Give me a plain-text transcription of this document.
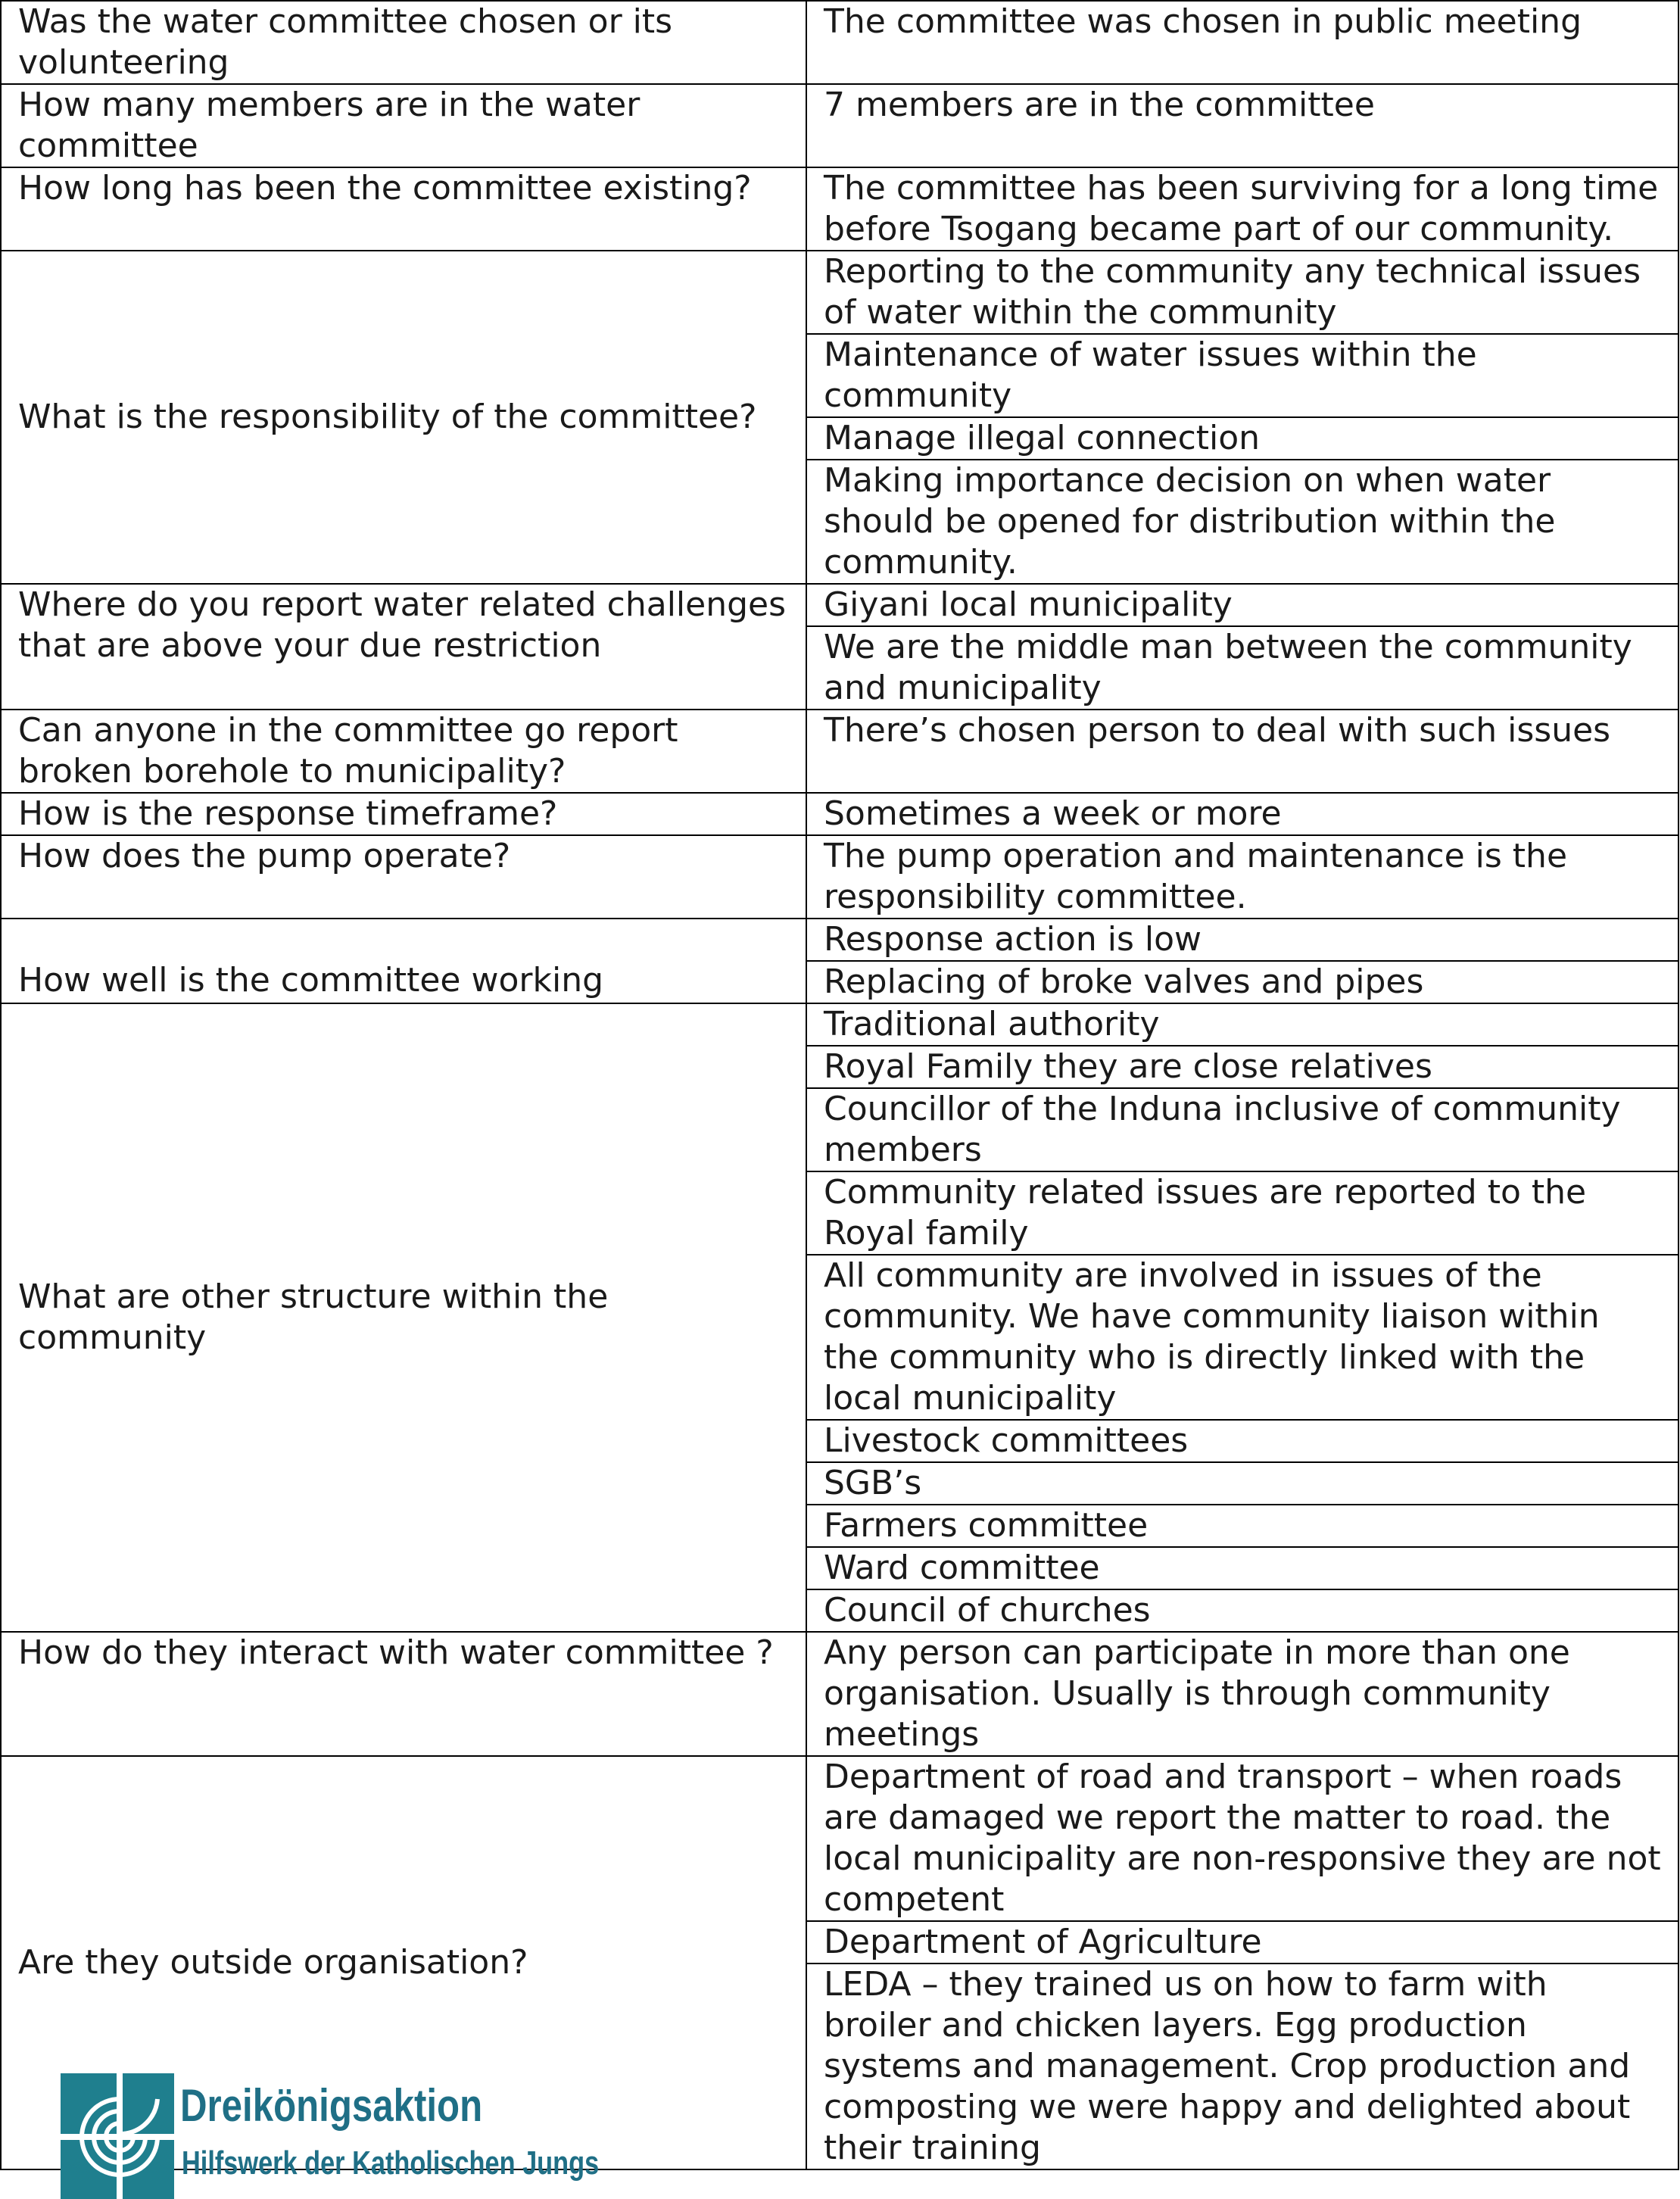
Was the water committee chosen or its volunteering	The committee was chosen in public meeting
How many members are in the water committee	7 members are in the committee
How long has been the committee existing?	The committee has been surviving for a long time before Tsogang became part of our community.
What is the responsibility of the committee?	Reporting to the community any technical issues of water within the community
	Maintenance of water issues within the community
	Manage illegal connection
	Making importance decision on when water should be opened for distribution within the community.
Where do you report water related challenges that are above your due restriction	Giyani local municipality
	We are the middle man between the community and municipality
Can anyone in the committee go report broken borehole to municipality?	There’s chosen person to deal with such issues
How is the response timeframe?	Sometimes a week or more
How does the pump operate?	The pump operation and maintenance is the responsibility committee.
How well is the committee working	Response action is low
	Replacing of broke valves and pipes
What are other structure within the community	Traditional authority
	Royal Family they are close relatives
	Councillor of the Induna inclusive of community members
	Community related issues are reported to the Royal family
	All community are involved in issues of the community. We have community liaison within the community who is directly linked with the local municipality
	Livestock committees
	SGB’s
	Farmers committee
	Ward committee
	Council of churches
How do they interact with water committee ?	Any person can participate in more than one organisation. Usually is through community meetings
Are they outside organisation?	Department of road and transport – when roads are damaged we report the matter to road. the local municipality are non-responsive they are not competent
	Department of Agriculture
	LEDA – they trained us on how to farm with broiler and chicken layers. Egg production systems and management. Crop production and composting we were happy and delighted about their training
Dreikönigsaktion
Hilfswerk der Katholischen Jungs
